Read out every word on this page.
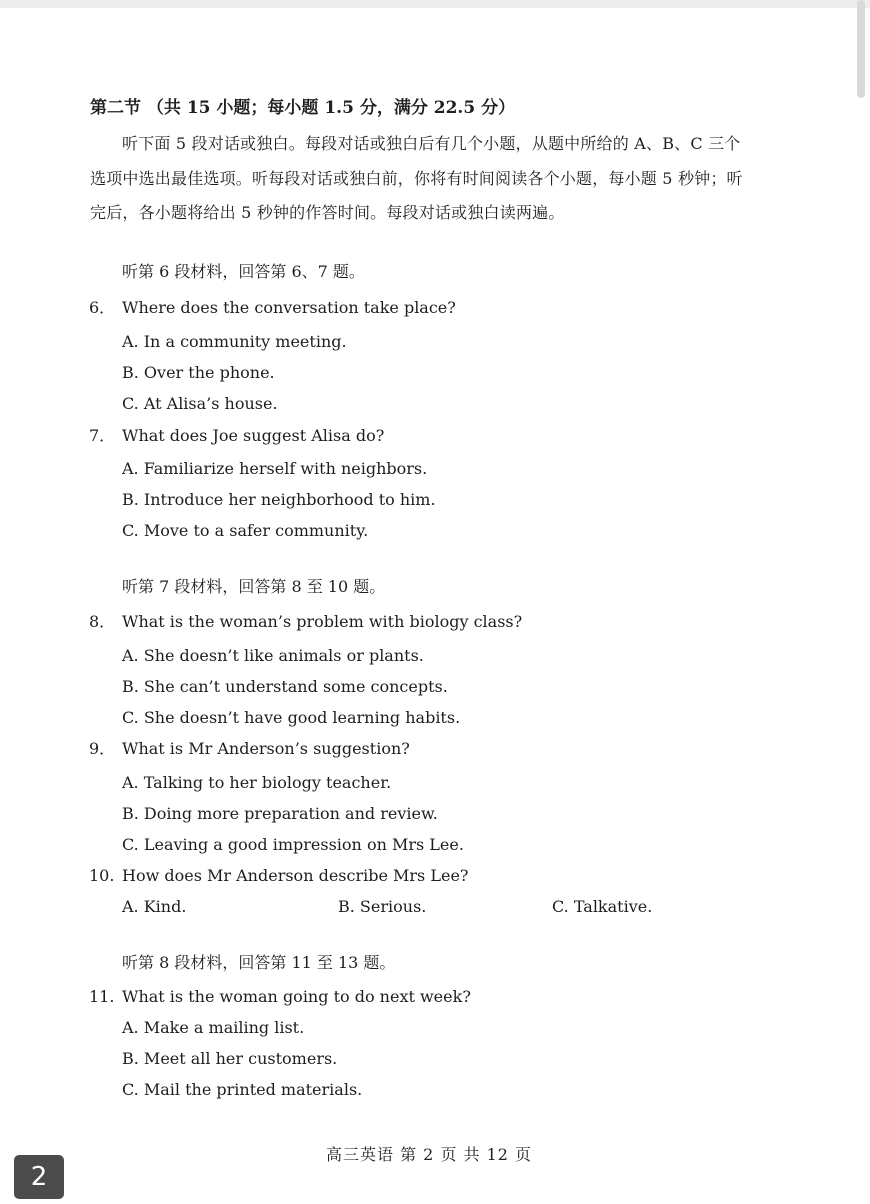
第二节 （共 15 小题；每小题 1.5 分，满分 22.5 分）
听下面 5 段对话或独白。每段对话或独白后有几个小题，从题中所给的 A、B、C 三个
选项中选出最佳选项。听每段对话或独白前，你将有时间阅读各个小题，每小题 5 秒钟；听
完后，各小题将给出 5 秒钟的作答时间。每段对话或独白读两遍。
听第 6 段材料，回答第 6、7 题。
6． Where does the conversation take place?
A. In a community meeting.
B. Over the phone.
C. At Alisa’s house.
7． What does Joe suggest Alisa do?
A. Familiarize herself with neighbors.
B. Introduce her neighborhood to him.
C. Move to a safer community.
听第 7 段材料，回答第 8 至 10 题。
8． What is the woman’s problem with biology class?
A. She doesn’t like animals or plants.
B. She can’t understand some concepts.
C. She doesn’t have good learning habits.
9． What is Mr Anderson’s suggestion?
A. Talking to her biology teacher.
B. Doing more preparation and review.
C. Leaving a good impression on Mrs Lee.
10. How does Mr Anderson describe Mrs Lee?
A. Kind.	B. Serious.	C. Talkative.
听第 8 段材料，回答第 11 至 13 题。
11. What is the woman going to do next week?
A. Make a mailing list.
B. Meet all her customers.
C. Mail the printed materials.
高三英语 第 2 页 共 12 页
2
